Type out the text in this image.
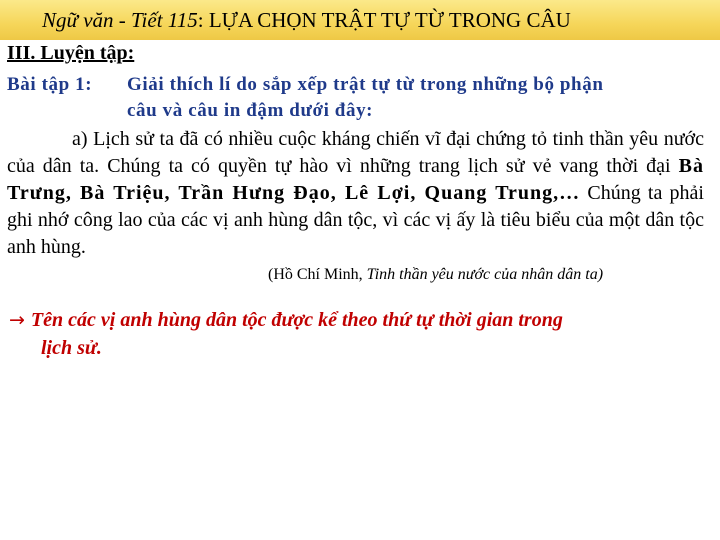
Ngữ văn - Tiết 115: LỰA CHỌN TRẬT TỰ TỪ TRONG CÂU
III. Luyện tập:
Bài tập 1: Giải thích lí do sắp xếp trật tự từ trong những bộ phận
câu và câu in đậm dưới đây:
a) Lịch sử ta đã có nhiều cuộc kháng chiến vĩ đại chứng tỏ tinh thần yêu nước của dân ta. Chúng ta có quyền tự hào vì những trang lịch sử vẻ vang thời đại Bà Trưng, Bà Triệu, Trần Hưng Đạo, Lê Lợi, Quang Trung,… Chúng ta phải ghi nhớ công lao của các vị anh hùng dân tộc, vì các vị ấy là tiêu biểu của một dân tộc anh hùng.
(Hồ Chí Minh, Tinh thần yêu nước của nhân dân ta)
→ Tên các vị anh hùng dân tộc được kể theo thứ tự thời gian trong
lịch sử.
